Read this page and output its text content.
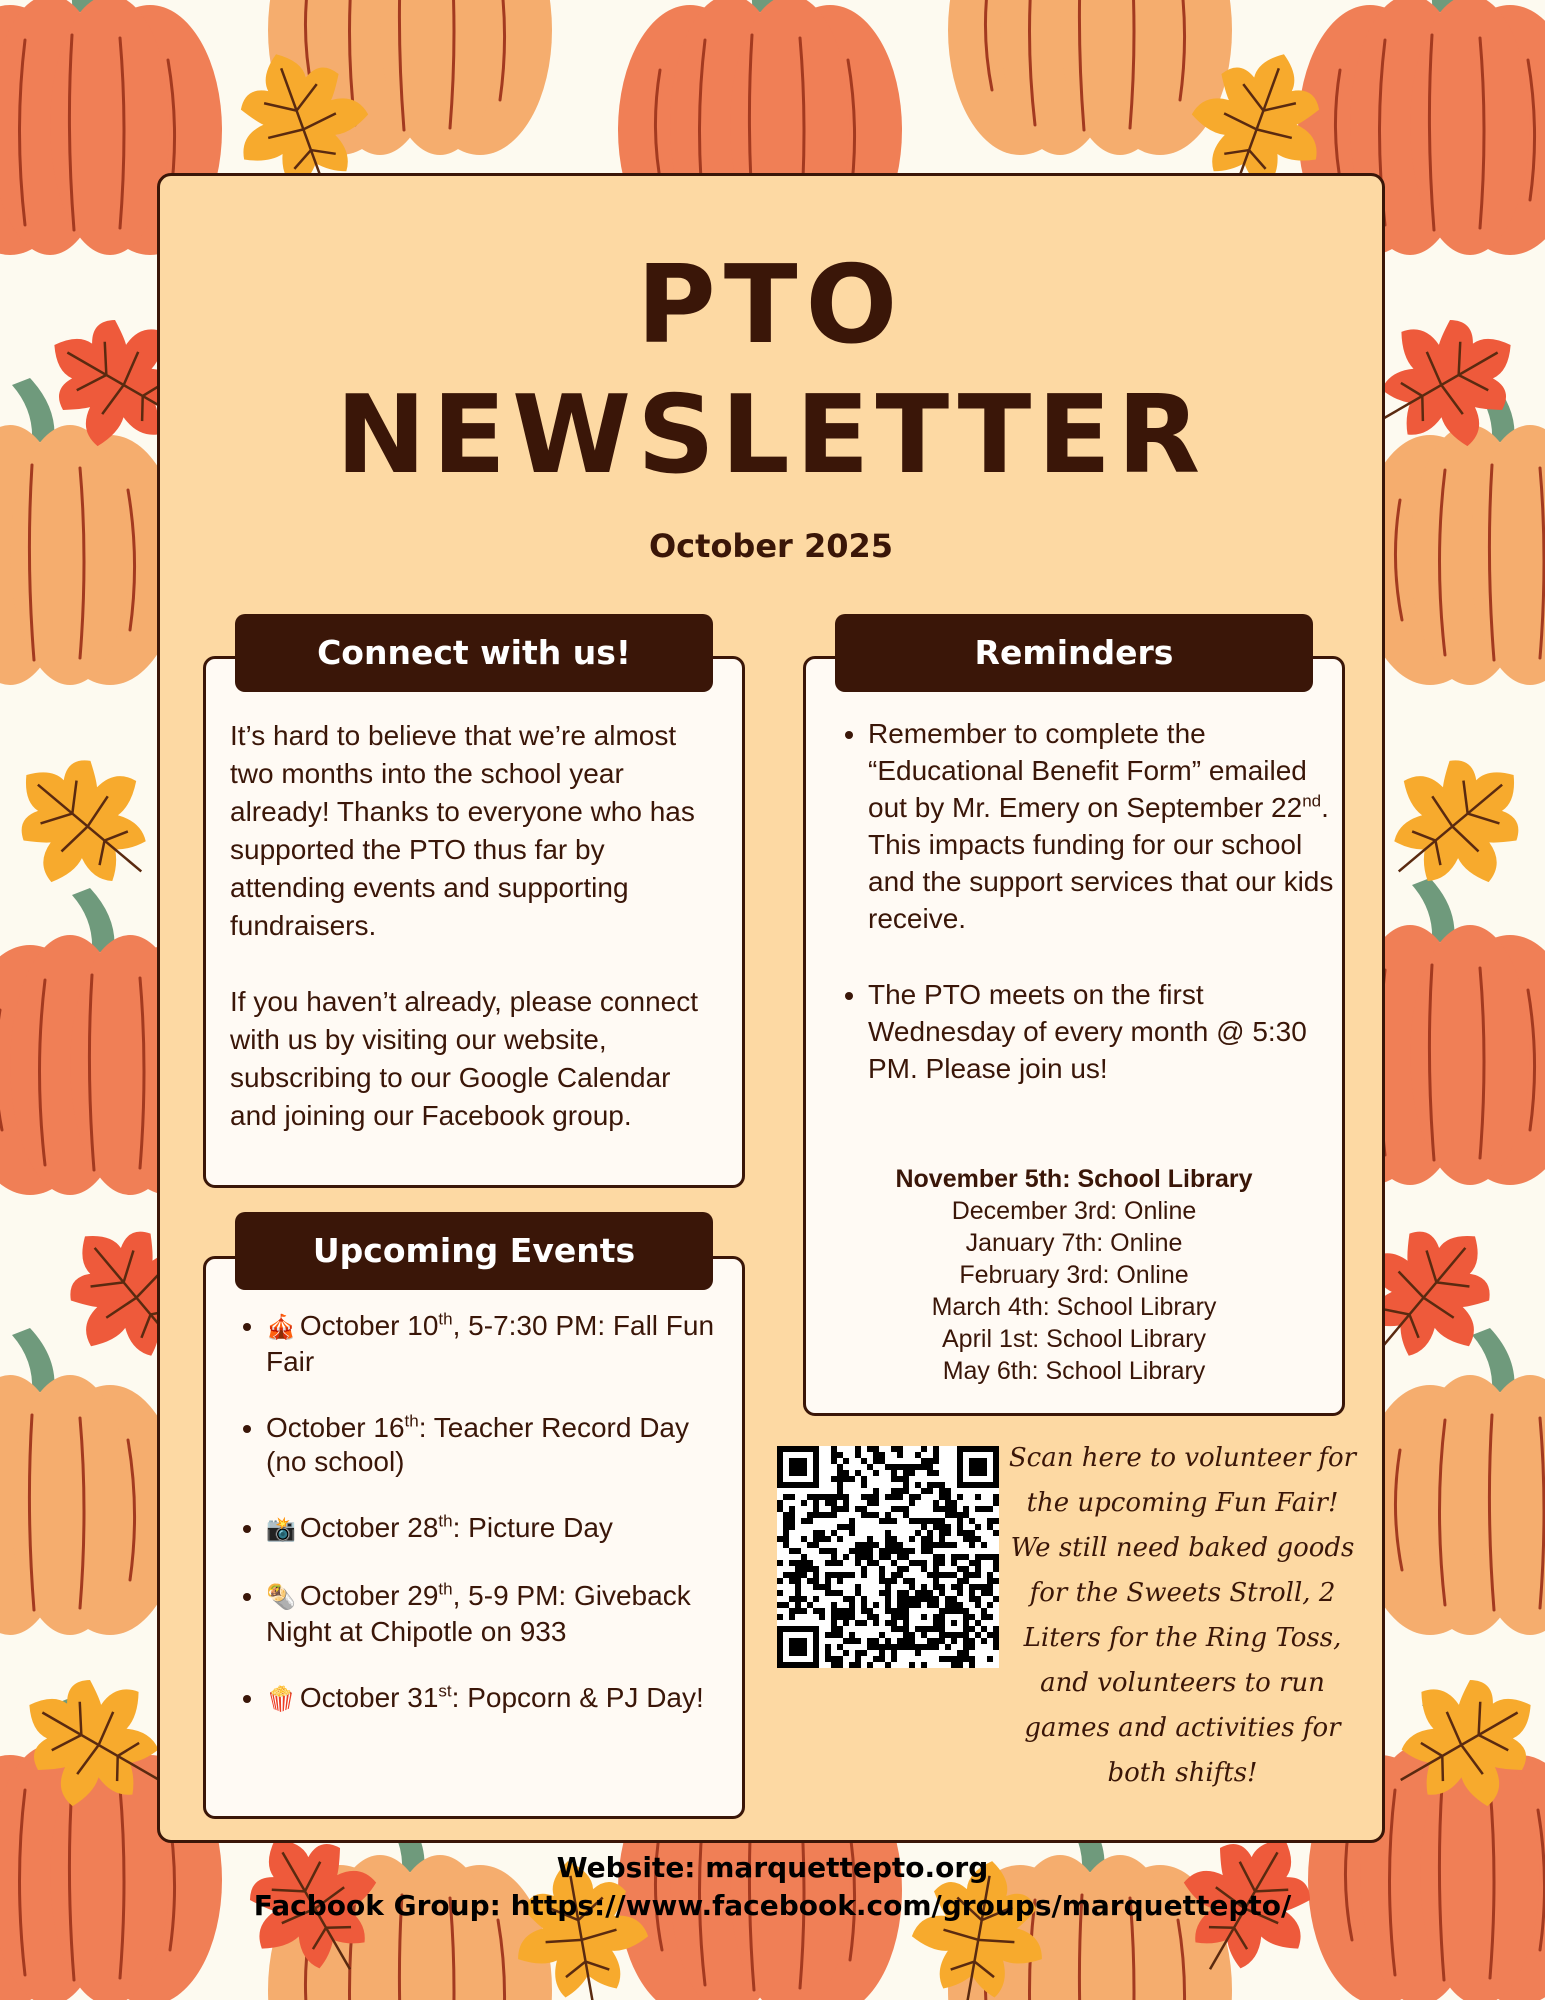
PTO
NEWSLETTER
October 2025

It’s hard to believe that we’re almost two months into the school year already! Thanks to everyone who has supported the PTO thus far by attending events and supporting fundraisers.

If you haven’t already, please connect with us by visiting our website, subscribing to our Google Calendar and joining our Facebook group.

Connect with us!
• 🎪 October 10th, 5-7:30 PM: Fall Fun Fair
• October 16th: Teacher Record Day (no school)
• 📸 October 28th: Picture Day
• 🌯 October 29th, 5-9 PM: Giveback Night at Chipotle on 933
• 🍿 October 31st: Popcorn & PJ Day!
Upcoming Events
• Remember to complete the “Educational Benefit Form” emailed out by Mr. Emery on September 22nd. This impacts funding for our school and the support services that our kids receive.
• The PTO meets on the first Wednesday of every month @ 5:30 PM. Please join us!
November 5th: School Library
December 3rd: Online
January 7th: Online
February 3rd: Online
March 4th: School Library
April 1st: School Library
May 6th: School Library
Reminders
Scan here to volunteer for the upcoming Fun Fair! We still need baked goods for the Sweets Stroll, 2 Liters for the Ring Toss, and volunteers to run games and activities for both shifts!
Website: marquettepto.org
Facbook Group: https://www.facebook.com/groups/marquettepto/
